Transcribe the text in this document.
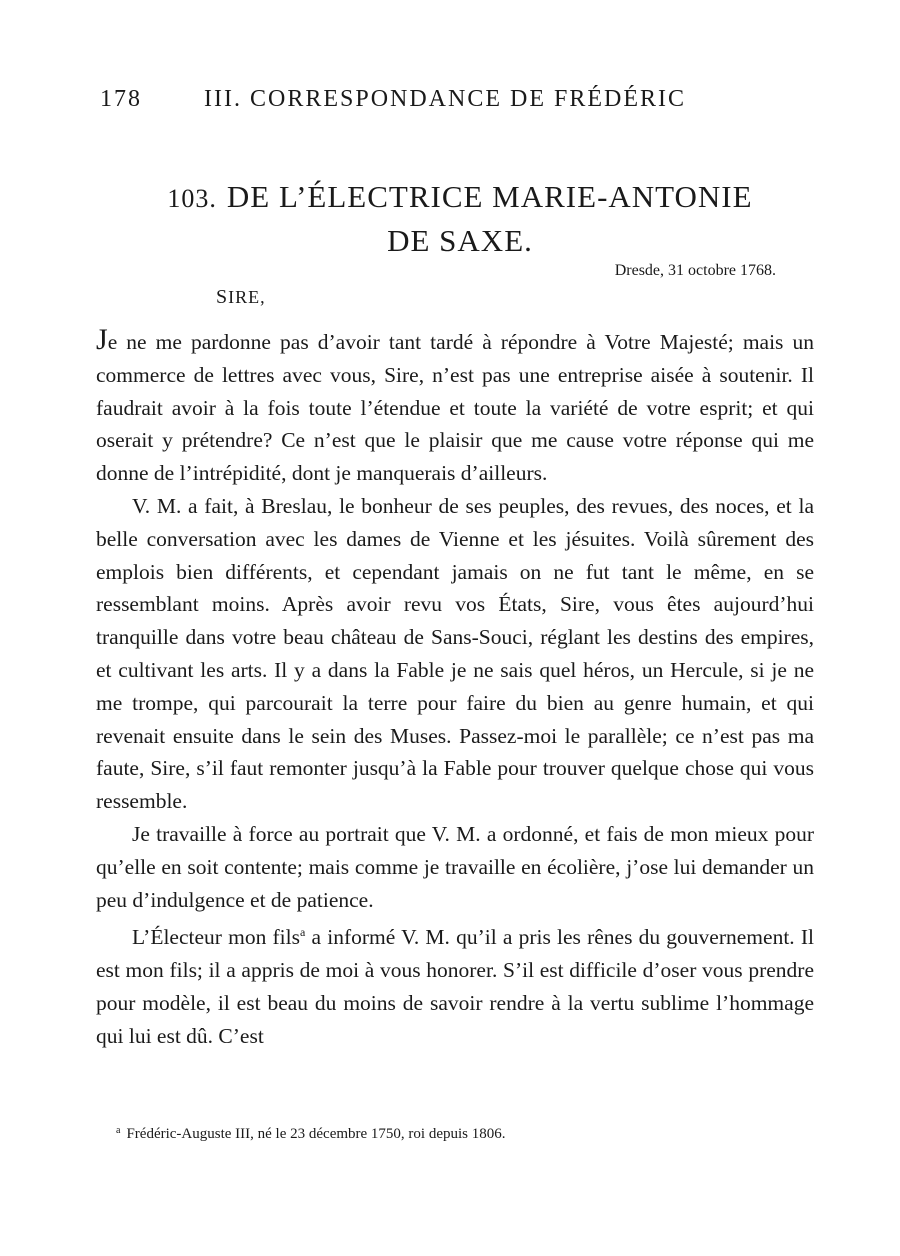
178	III. CORRESPONDANCE DE FRÉDÉRIC
103. DE L’ÉLECTRICE MARIE-ANTONIE
DE SAXE.
Dresde, 31 octobre 1768.
SIRE,

Je ne me pardonne pas d’avoir tant tardé à répondre à Votre Majesté; mais un commerce de lettres avec vous, Sire, n’est pas une entreprise aisée à soutenir. Il faudrait avoir à la fois toute l’étendue et toute la variété de votre esprit; et qui oserait y prétendre? Ce n’est que le plaisir que me cause votre réponse qui me donne de l’intrépidité, dont je manquerais d’ailleurs.

V. M. a fait, à Breslau, le bonheur de ses peuples, des revues, des noces, et la belle conversation avec les dames de Vienne et les jésuites. Voilà sûrement des emplois bien différents, et cependant jamais on ne fut tant le même, en se ressemblant moins. Après avoir revu vos États, Sire, vous êtes aujourd’hui tranquille dans votre beau château de Sans-Souci, réglant les destins des empires, et cultivant les arts. Il y a dans la Fable je ne sais quel héros, un Hercule, si je ne me trompe, qui parcourait la terre pour faire du bien au genre humain, et qui revenait ensuite dans le sein des Muses. Passez-moi le parallèle; ce n’est pas ma faute, Sire, s’il faut remonter jusqu’à la Fable pour trouver quelque chose qui vous ressemble.

Je travaille à force au portrait que V. M. a ordonné, et fais de mon mieux pour qu’elle en soit contente; mais comme je travaille en écolière, j’ose lui demander un peu d’indulgence et de patience.

L’Électeur mon fils$^a$ a informé V. M. qu’il a pris les rênes du gouvernement. Il est mon fils; il a appris de moi à vous honorer. S’il est difficile d’oser vous prendre pour modèle, il est beau du moins de savoir rendre à la vertu sublime l’hommage qui lui est dû. C’est

$^a$ Frédéric-Auguste III, né le 23 décembre 1750, roi depuis 1806.
